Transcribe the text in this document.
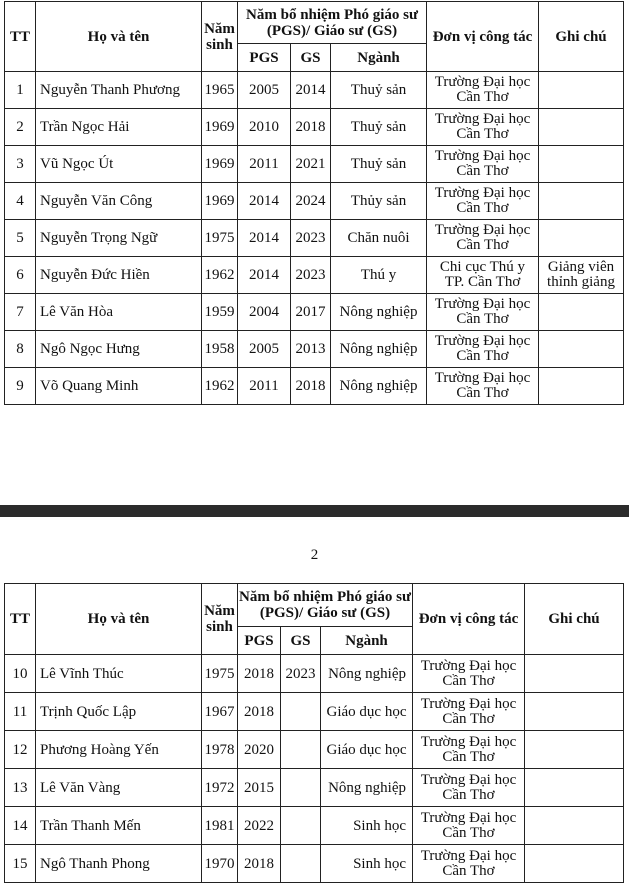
TT	Họ và tên	Năm
sinh	Năm bổ nhiệm Phó giáo sư
(PGS)/ Giáo sư (GS)			Đơn vị công tác	Ghi chú
			PGS	GS	Ngành		
1	Nguyễn Thanh Phương	1965	2005	2014	Thuỷ sản	Trường Đại học
Cần Thơ	

2	Trần Ngọc Hải	1969	2010	2018	Thuỷ sản	Trường Đại học
Cần Thơ	

3	Vũ Ngọc Út	1969	2011	2021	Thuỷ sản	Trường Đại học
Cần Thơ	

4	Nguyễn Văn Công	1969	2014	2024	Thủy sản	Trường Đại học
Cần Thơ	

5	Nguyễn Trọng Ngữ	1975	2014	2023	Chăn nuôi	Trường Đại học
Cần Thơ	

6	Nguyễn Đức Hiền	1962	2014	2023	Thú y	Chi cục Thú y
TP. Cần Thơ	Giảng viên
thỉnh giảng
7	Lê Văn Hòa	1959	2004	2017	Nông nghiệp	Trường Đại học
Cần Thơ	

8	Ngô Ngọc Hưng	1958	2005	2013	Nông nghiệp	Trường Đại học
Cần Thơ	

9	Võ Quang Minh	1962	2011	2018	Nông nghiệp	Trường Đại học
Cần Thơ	

2
TT	Họ và tên	Năm
sinh	Năm bổ nhiệm Phó giáo sư
(PGS)/ Giáo sư (GS)			Đơn vị công tác	Ghi chú
			PGS	GS	Ngành		
10	Lê Vĩnh Thúc	1975	2018	2023	Nông nghiệp	Trường Đại học
Cần Thơ	

11	Trịnh Quốc Lập	1967	2018		Giáo dục học	Trường Đại học
Cần Thơ	

12	Phương Hoàng Yến	1978	2020		Giáo dục học	Trường Đại học
Cần Thơ	

13	Lê Văn Vàng	1972	2015		Nông nghiệp	Trường Đại học
Cần Thơ	

14	Trần Thanh Mến	1981	2022		Sinh học	Trường Đại học
Cần Thơ	

15	Ngô Thanh Phong	1970	2018		Sinh học	Trường Đại học
Cần Thơ	
